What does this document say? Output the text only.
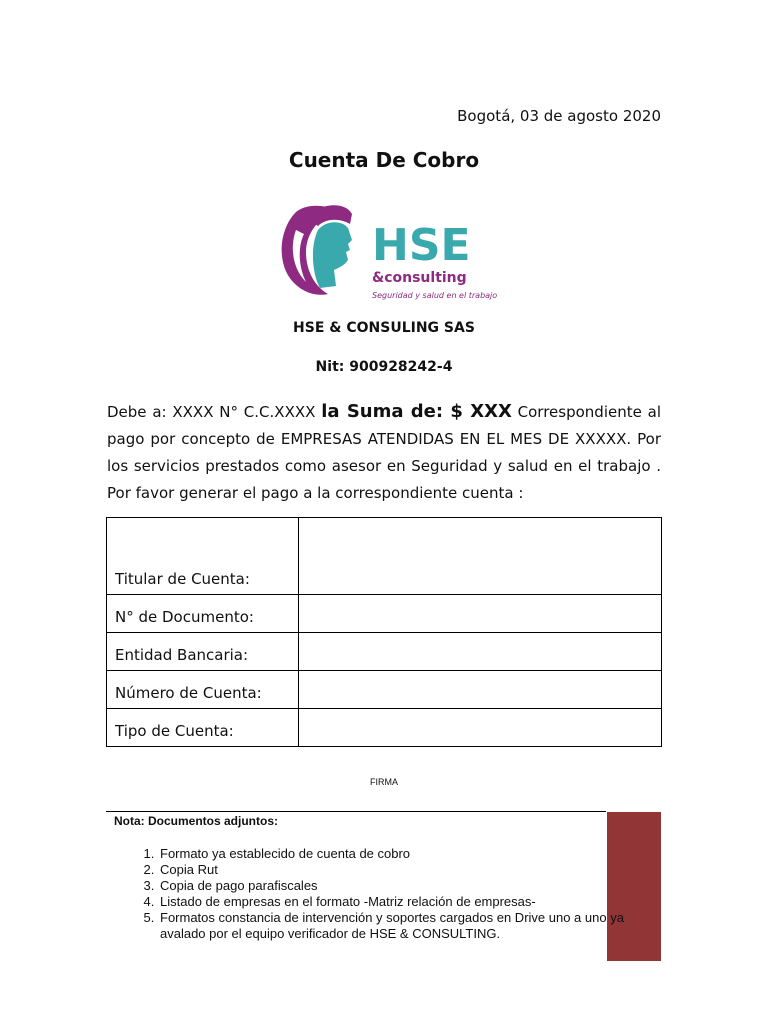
Bogotá, 03 de agosto 2020
Cuenta De Cobro
HSE
&consulting
Seguridad y salud en el trabajo
HSE & CONSULING SAS
Nit: 900928242-4
Debe a: XXXX N° C.C.XXXX la Suma de: $ XXX Correspondiente al pago por concepto de EMPRESAS ATENDIDAS EN EL MES DE XXXXX. Por los servicios prestados como asesor en Seguridad y salud en el trabajo . Por favor generar el pago a la correspondiente cuenta :
Titular de Cuenta:	
N° de Documento:	
Entidad Bancaria:	
Número de Cuenta:	
Tipo de Cuenta:	
FIRMA
Nota: Documentos adjuntos:
1. Formato ya establecido de cuenta de cobro
2. Copia Rut
3. Copia de pago parafiscales
4. Listado de empresas en el formato -Matriz relación de empresas-
5. Formatos constancia de intervención y soportes cargados en Drive uno a uno ya avalado por el equipo verificador de HSE & CONSULTING.
